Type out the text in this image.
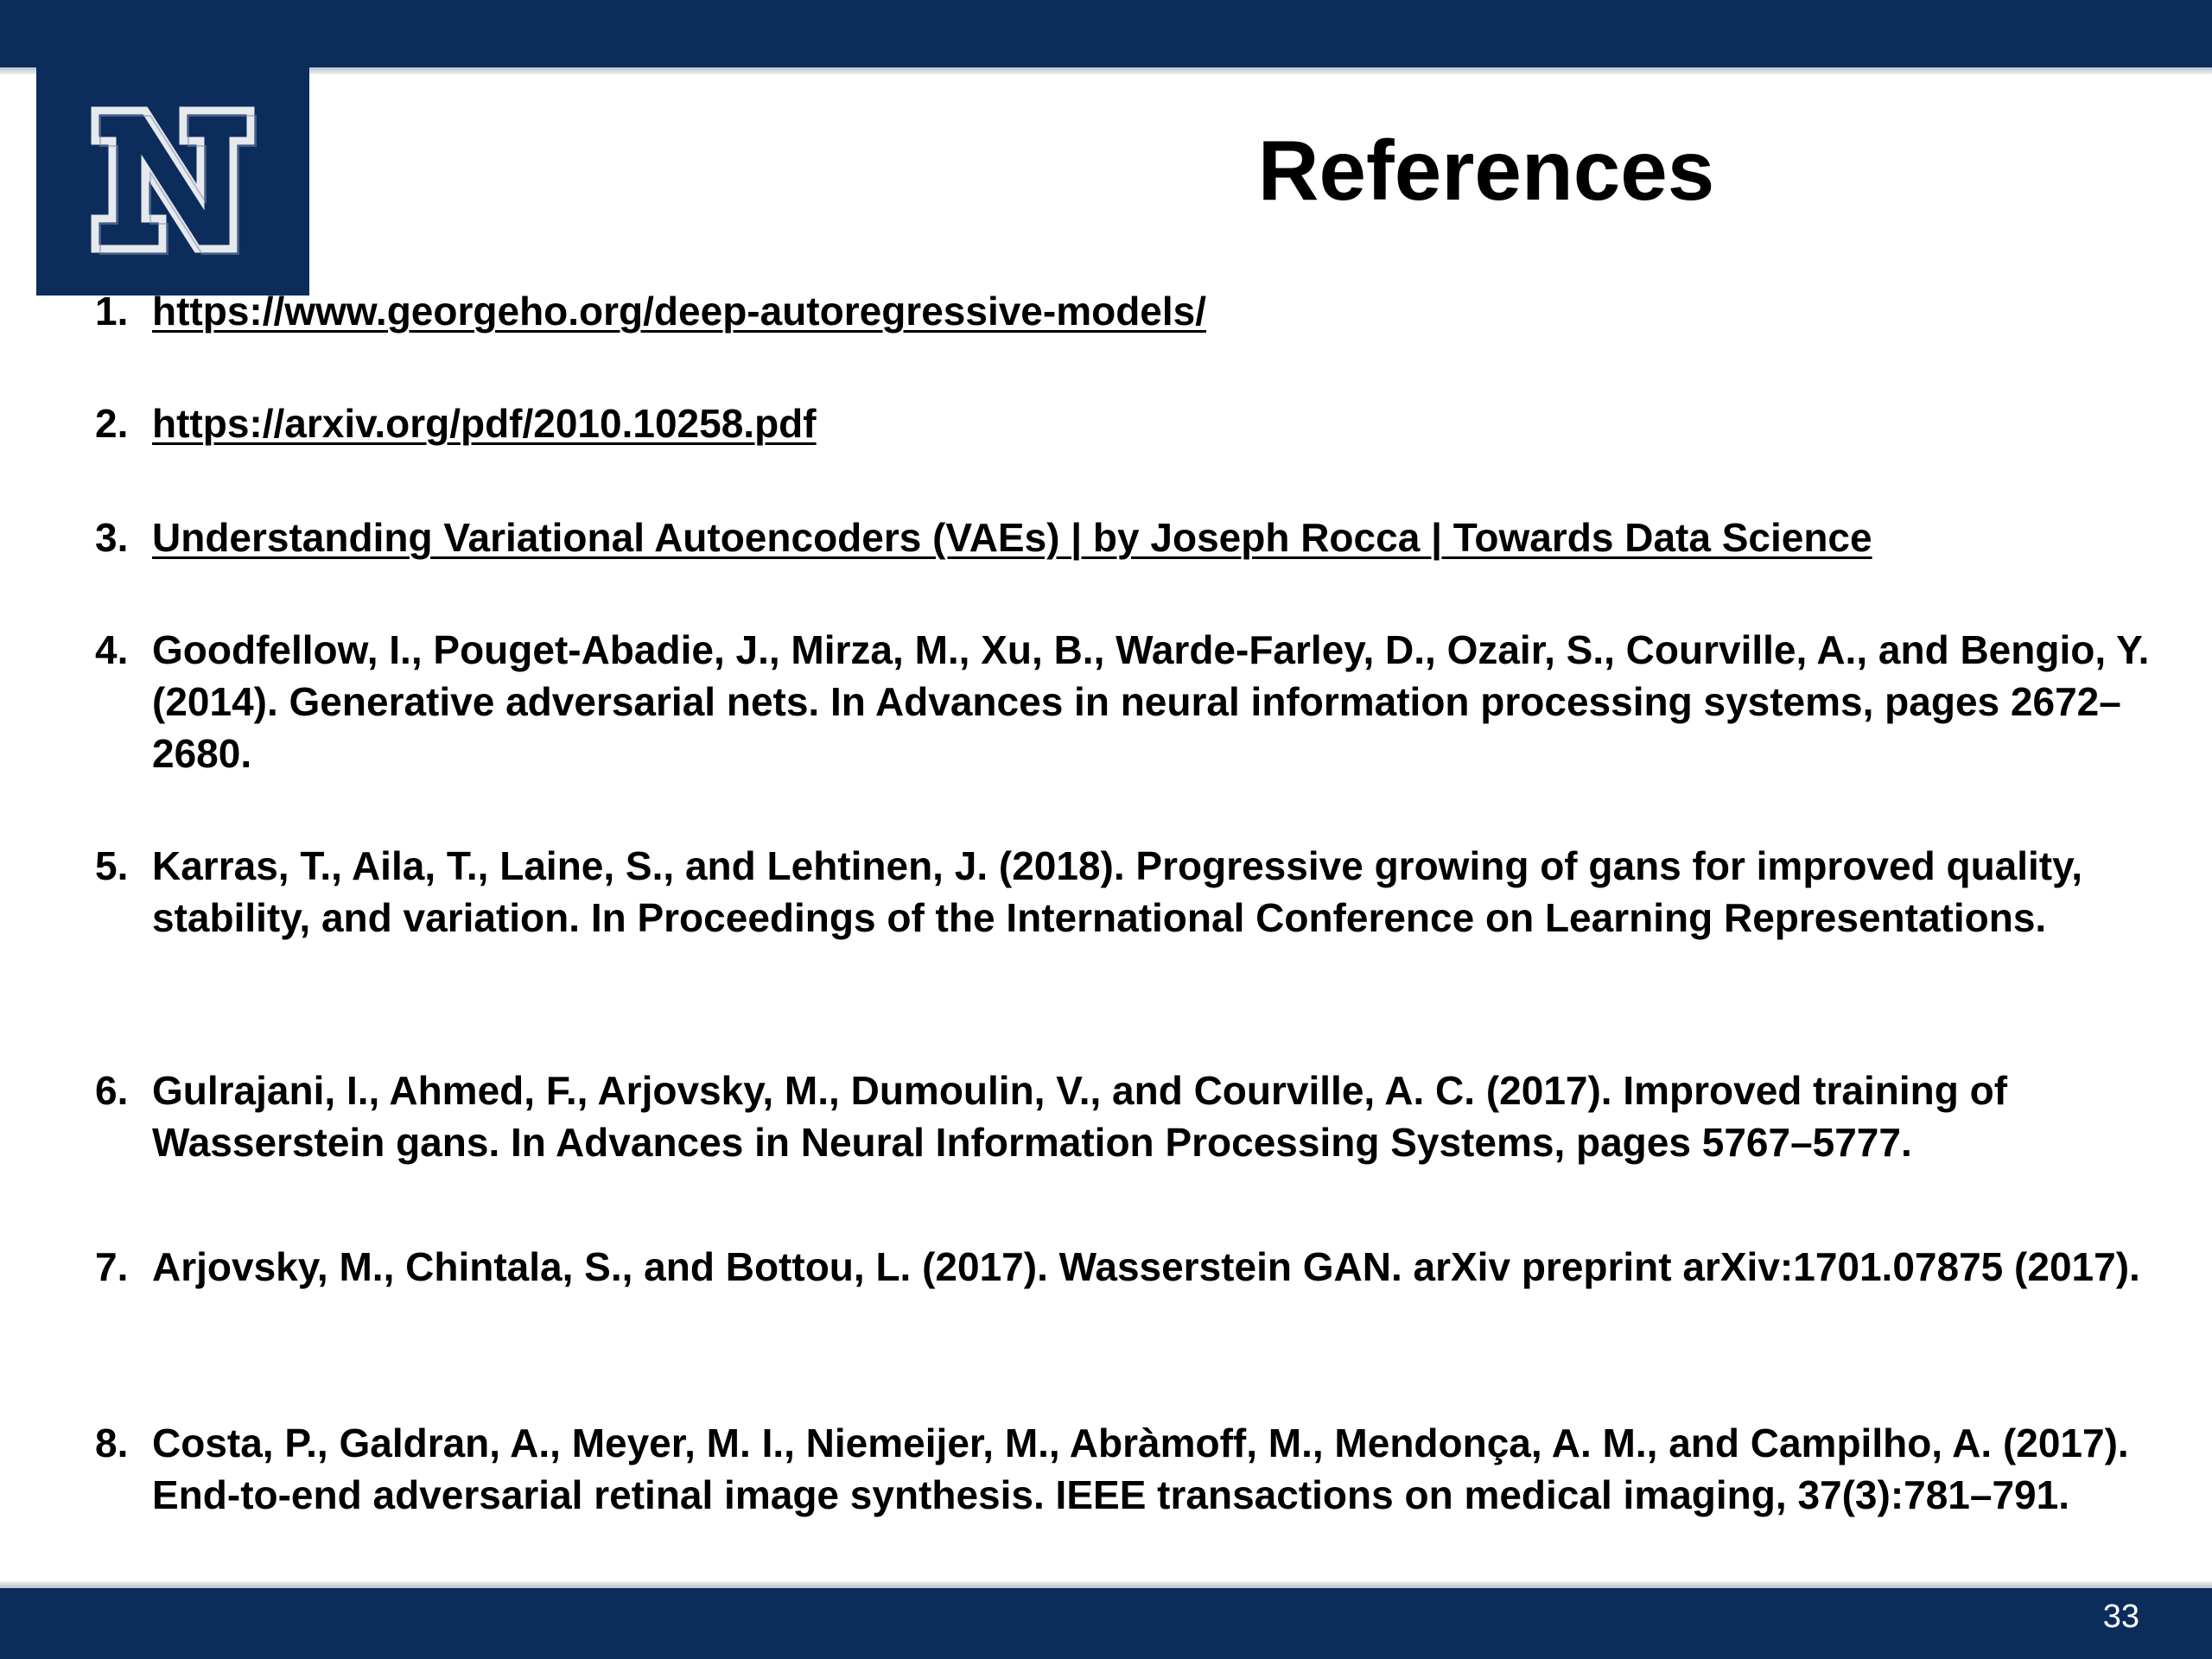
References
1. https://www.georgeho.org/deep-autoregressive-models/
2. https://arxiv.org/pdf/2010.10258.pdf
3. Understanding Variational Autoencoders (VAEs) | by Joseph Rocca | Towards Data Science
4. Goodfellow, I., Pouget-Abadie, J., Mirza, M., Xu, B., Warde-Farley, D., Ozair, S., Courville, A., and Bengio, Y. (2014). Generative adversarial nets. In Advances in neural information processing systems, pages 2672–2680.
5. Karras, T., Aila, T., Laine, S., and Lehtinen, J. (2018). Progressive growing of gans for improved quality, stability, and variation. In Proceedings of the International Conference on Learning Representations.
6. Gulrajani, I., Ahmed, F., Arjovsky, M., Dumoulin, V., and Courville, A. C. (2017). Improved training of Wasserstein gans. In Advances in Neural Information Processing Systems, pages 5767–5777.
7. Arjovsky, M., Chintala, S., and Bottou, L. (2017). Wasserstein GAN. arXiv preprint arXiv:1701.07875 (2017).
8. Costa, P., Galdran, A., Meyer, M. I., Niemeijer, M., Abràmoff, M., Mendonça, A. M., and Campilho, A. (2017). End-to-end adversarial retinal image synthesis. IEEE transactions on medical imaging, 37(3):781–791.
33
